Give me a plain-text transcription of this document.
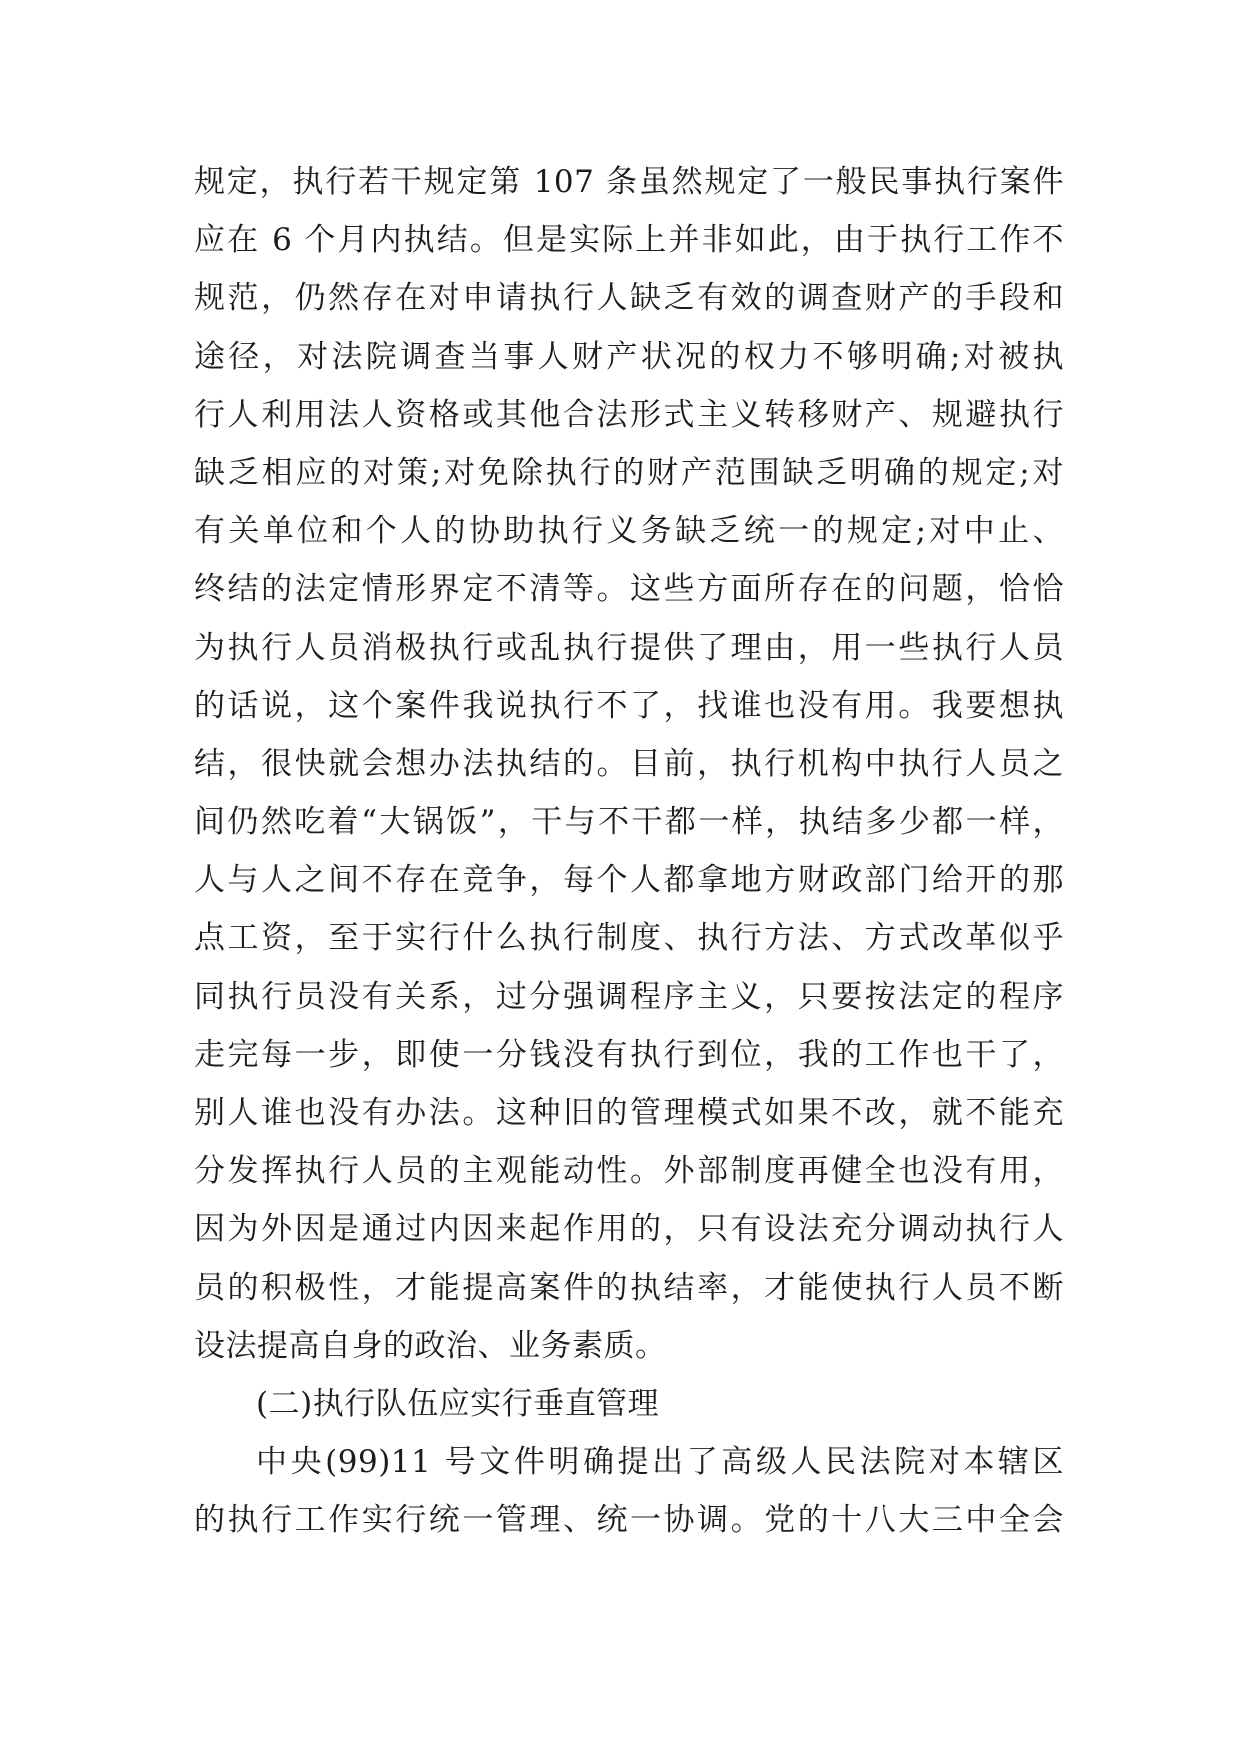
规定，执行若干规定第 107 条虽然规定了一般民事执行案件
应在 6 个月内执结。但是实际上并非如此，由于执行工作不
规范，仍然存在对申请执行人缺乏有效的调查财产的手段和
途径，对法院调查当事人财产状况的权力不够明确;对被执
行人利用法人资格或其他合法形式主义转移财产、规避执行
缺乏相应的对策;对免除执行的财产范围缺乏明确的规定;对
有关单位和个人的协助执行义务缺乏统一的规定;对中止、
终结的法定情形界定不清等。这些方面所存在的问题，恰恰
为执行人员消极执行或乱执行提供了理由，用一些执行人员
的话说，这个案件我说执行不了，找谁也没有用。我要想执
结，很快就会想办法执结的。目前，执行机构中执行人员之
间仍然吃着“大锅饭”，干与不干都一样，执结多少都一样，
人与人之间不存在竞争，每个人都拿地方财政部门给开的那
点工资，至于实行什么执行制度、执行方法、方式改革似乎
同执行员没有关系，过分强调程序主义，只要按法定的程序
走完每一步，即使一分钱没有执行到位，我的工作也干了，
别人谁也没有办法。这种旧的管理模式如果不改，就不能充
分发挥执行人员的主观能动性。外部制度再健全也没有用，
因为外因是通过内因来起作用的，只有设法充分调动执行人
员的积极性，才能提高案件的执结率，才能使执行人员不断
设法提高自身的政治、业务素质。
(二)执行队伍应实行垂直管理
中央(99)11 号文件明确提出了高级人民法院对本辖区
的执行工作实行统一管理、统一协调。党的十八大三中全会
